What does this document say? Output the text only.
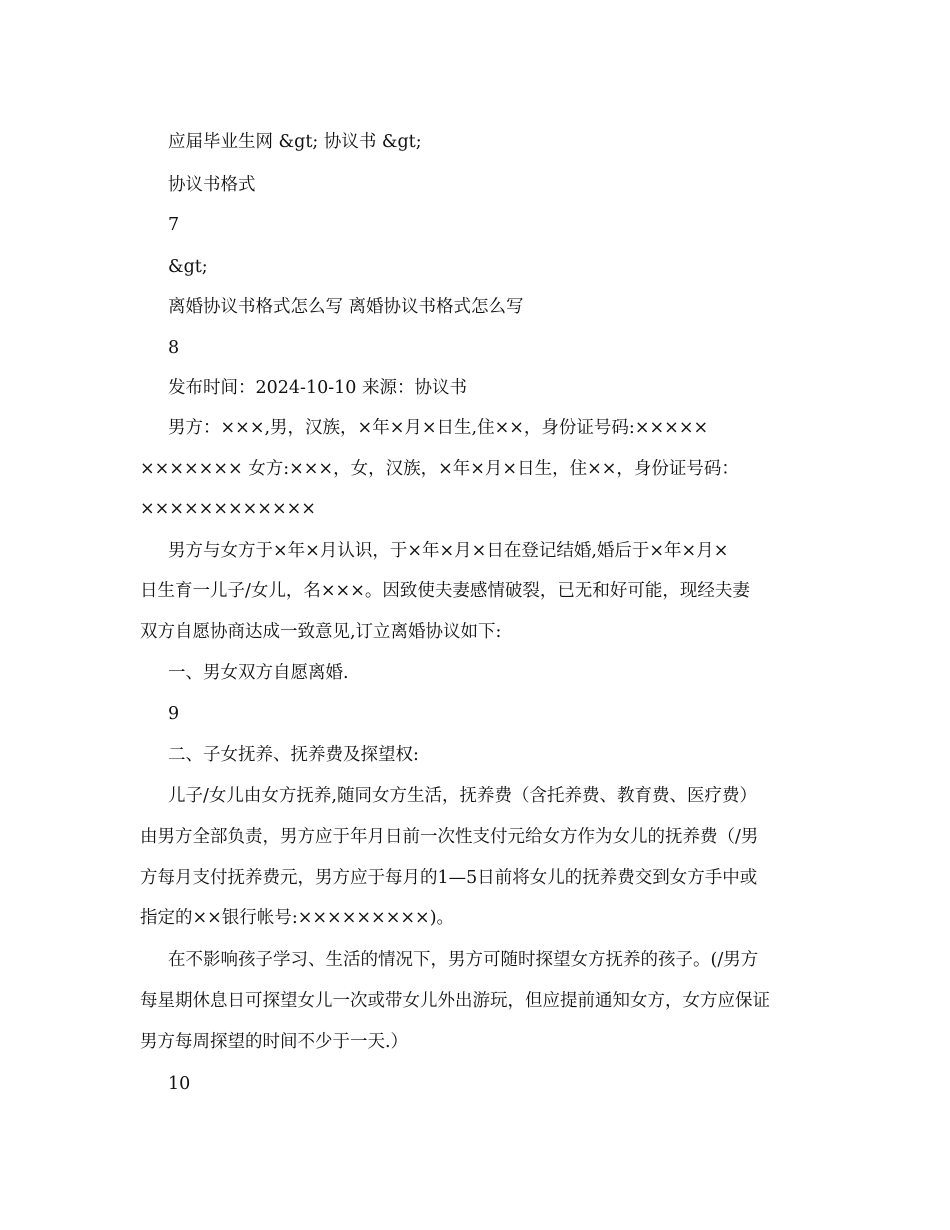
应届毕业生网 &gt; 协议书 &gt;
协议书格式
7
&gt;
离婚协议书格式怎么写 离婚协议书格式怎么写
8
发布时间：2024-10-10 来源：协议书
男方：×××,男，汉族，×年×月×日生,住××，身份证号码:×××××
××××××× 女方:×××，女，汉族，×年×月×日生，住××，身份证号码：
××××××××××××
男方与女方于×年×月认识，于×年×月×日在登记结婚,婚后于×年×月×
日生育一儿子/女儿，名×××。因致使夫妻感情破裂，已无和好可能，现经夫妻
双方自愿协商达成一致意见,订立离婚协议如下:
一、男女双方自愿离婚.
9
二、子女抚养、抚养费及探望权:
儿子/女儿由女方抚养,随同女方生活，抚养费（含托养费、教育费、医疗费）
由男方全部负责，男方应于年月日前一次性支付元给女方作为女儿的抚养费（/男
方每月支付抚养费元，男方应于每月的1—5日前将女儿的抚养费交到女方手中或
指定的××银行帐号:×××××××××)。
在不影响孩子学习、生活的情况下，男方可随时探望女方抚养的孩子。(/男方
每星期休息日可探望女儿一次或带女儿外出游玩，但应提前通知女方，女方应保证
男方每周探望的时间不少于一天.）
10
